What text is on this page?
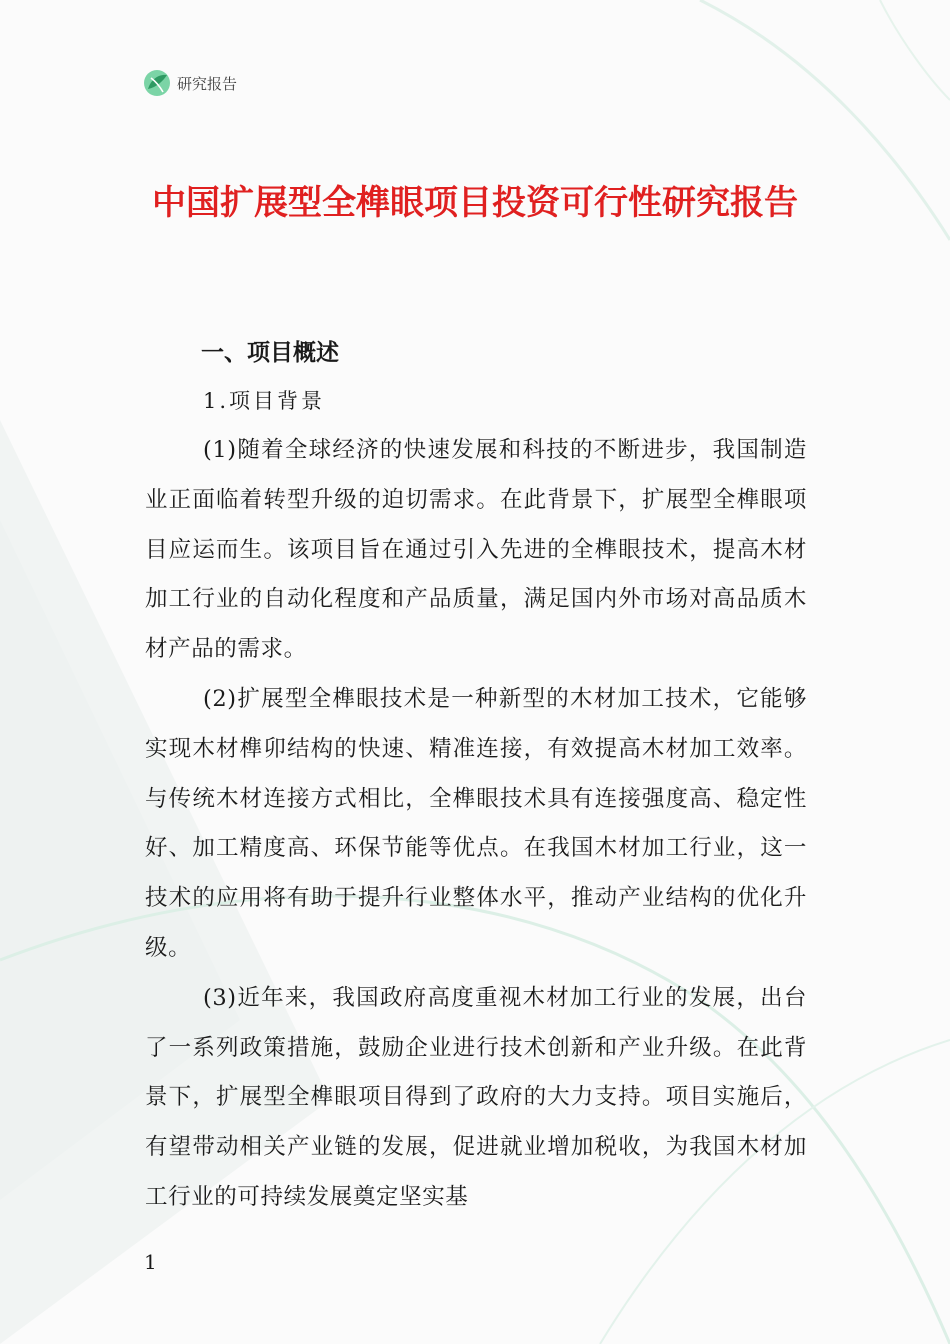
研究报告
中国扩展型全榫眼项目投资可行性研究报告

一、项目概述

1.项目背景

(1)随着全球经济的快速发展和科技的不断进步，我国制造业正面临着转型升级的迫切需求。在此背景下，扩展型全榫眼项目应运而生。该项目旨在通过引入先进的全榫眼技术，提高木材加工行业的自动化程度和产品质量，满足国内外市场对高品质木材产品的需求。

(2)扩展型全榫眼技术是一种新型的木材加工技术，它能够实现木材榫卯结构的快速、精准连接，有效提高木材加工效率。与传统木材连接方式相比，全榫眼技术具有连接强度高、稳定性好、加工精度高、环保节能等优点。在我国木材加工行业，这一技术的应用将有助于提升行业整体水平，推动产业结构的优化升级。

(3)近年来，我国政府高度重视木材加工行业的发展，出台了一系列政策措施，鼓励企业进行技术创新和产业升级。在此背景下，扩展型全榫眼项目得到了政府的大力支持。项目实施后，有望带动相关产业链的发展，促进就业增加税收，为我国木材加工行业的可持续发展奠定坚实基

1
